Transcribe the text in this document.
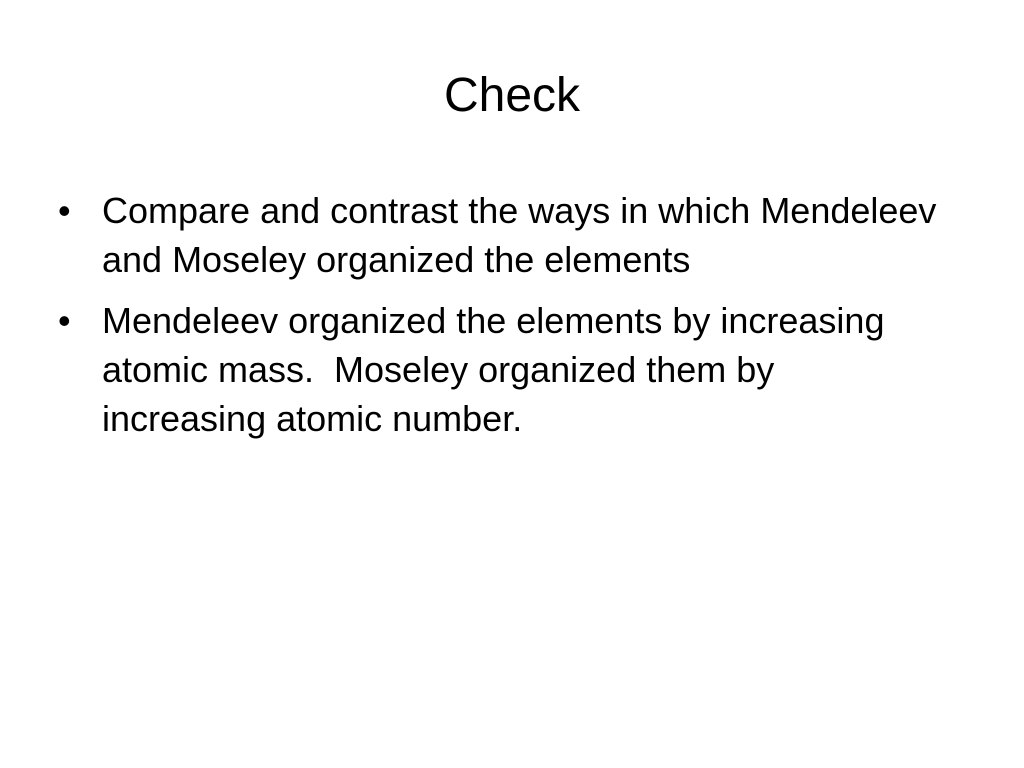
Check
• Compare and contrast the ways in which Mendeleev and Moseley organized the elements
• Mendeleev organized the elements by increasing atomic mass.  Moseley organized them by increasing atomic number.
